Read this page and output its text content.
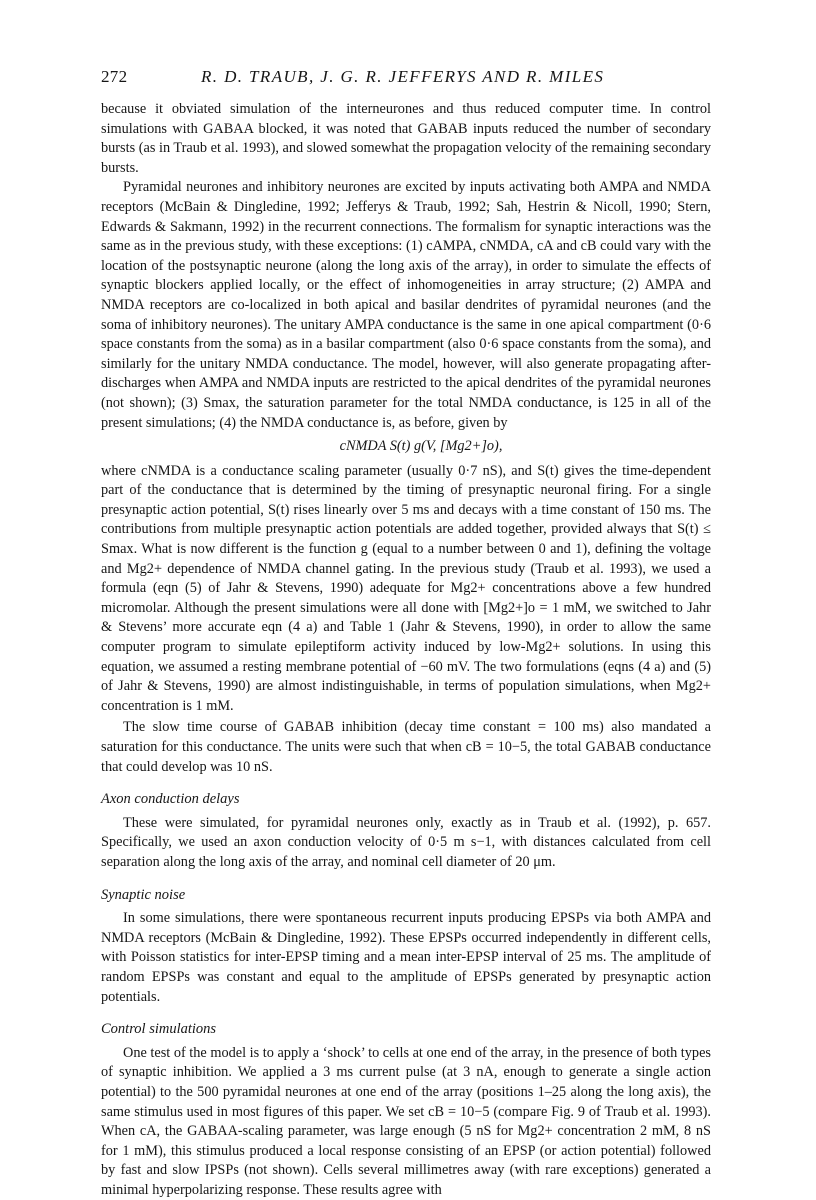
272	R. D. TRAUB, J. G. R. JEFFERYS AND R. MILES

because it obviated simulation of the interneurones and thus reduced computer time. In control simulations with GABAA blocked, it was noted that GABAB inputs reduced the number of secondary bursts (as in Traub et al. 1993), and slowed somewhat the propagation velocity of the remaining secondary bursts.

Pyramidal neurones and inhibitory neurones are excited by inputs activating both AMPA and NMDA receptors (McBain & Dingledine, 1992; Jefferys & Traub, 1992; Sah, Hestrin & Nicoll, 1990; Stern, Edwards & Sakmann, 1992) in the recurrent connections. The formalism for synaptic interactions was the same as in the previous study, with these exceptions: (1) cAMPA, cNMDA, cA and cB could vary with the location of the postsynaptic neurone (along the long axis of the array), in order to simulate the effects of synaptic blockers applied locally, or the effect of inhomogeneities in array structure; (2) AMPA and NMDA receptors are co-localized in both apical and basilar dendrites of pyramidal neurones (and the soma of inhibitory neurones). The unitary AMPA conductance is the same in one apical compartment (0·6 space constants from the soma) as in a basilar compartment (also 0·6 space constants from the soma), and similarly for the unitary NMDA conductance. The model, however, will also generate propagating after-discharges when AMPA and NMDA inputs are restricted to the apical dendrites of the pyramidal neurones (not shown); (3) Smax, the saturation parameter for the total NMDA conductance, is 125 in all of the present simulations; (4) the NMDA conductance is, as before, given by

cNMDA S(t) g(V, [Mg2+]o),

where cNMDA is a conductance scaling parameter (usually 0·7 nS), and S(t) gives the time-dependent part of the conductance that is determined by the timing of presynaptic neuronal firing. For a single presynaptic action potential, S(t) rises linearly over 5 ms and decays with a time constant of 150 ms. The contributions from multiple presynaptic action potentials are added together, provided always that S(t) ≤ Smax. What is now different is the function g (equal to a number between 0 and 1), defining the voltage and Mg2+ dependence of NMDA channel gating. In the previous study (Traub et al. 1993), we used a formula (eqn (5) of Jahr & Stevens, 1990) adequate for Mg2+ concentrations above a few hundred micromolar. Although the present simulations were all done with [Mg2+]o = 1 mM, we switched to Jahr & Stevens’ more accurate eqn (4 a) and Table 1 (Jahr & Stevens, 1990), in order to allow the same computer program to simulate epileptiform activity induced by low-Mg2+ solutions. In using this equation, we assumed a resting membrane potential of −60 mV. The two formulations (eqns (4 a) and (5) of Jahr & Stevens, 1990) are almost indistinguishable, in terms of population simulations, when Mg2+ concentration is 1 mM.

The slow time course of GABAB inhibition (decay time constant = 100 ms) also mandated a saturation for this conductance. The units were such that when cB = 10−5, the total GABAB conductance that could develop was 10 nS.

Axon conduction delays

These were simulated, for pyramidal neurones only, exactly as in Traub et al. (1992), p. 657. Specifically, we used an axon conduction velocity of 0·5 m s−1, with distances calculated from cell separation along the long axis of the array, and nominal cell diameter of 20 μm.

Synaptic noise

In some simulations, there were spontaneous recurrent inputs producing EPSPs via both AMPA and NMDA receptors (McBain & Dingledine, 1992). These EPSPs occurred independently in different cells, with Poisson statistics for inter-EPSP timing and a mean inter-EPSP interval of 25 ms. The amplitude of random EPSPs was constant and equal to the amplitude of EPSPs generated by presynaptic action potentials.

Control simulations

One test of the model is to apply a ‘shock’ to cells at one end of the array, in the presence of both types of synaptic inhibition. We applied a 3 ms current pulse (at 3 nA, enough to generate a single action potential) to the 500 pyramidal neurones at one end of the array (positions 1–25 along the long axis), the same stimulus used in most figures of this paper. We set cB = 10−5 (compare Fig. 9 of Traub et al. 1993). When cA, the GABAA-scaling parameter, was large enough (5 nS for Mg2+ concentration 2 mM, 8 nS for 1 mM), this stimulus produced a local response consisting of an EPSP (or action potential) followed by fast and slow IPSPs (not shown). Cells several millimetres away (with rare exceptions) generated a minimal hyperpolarizing response. These results agree with
